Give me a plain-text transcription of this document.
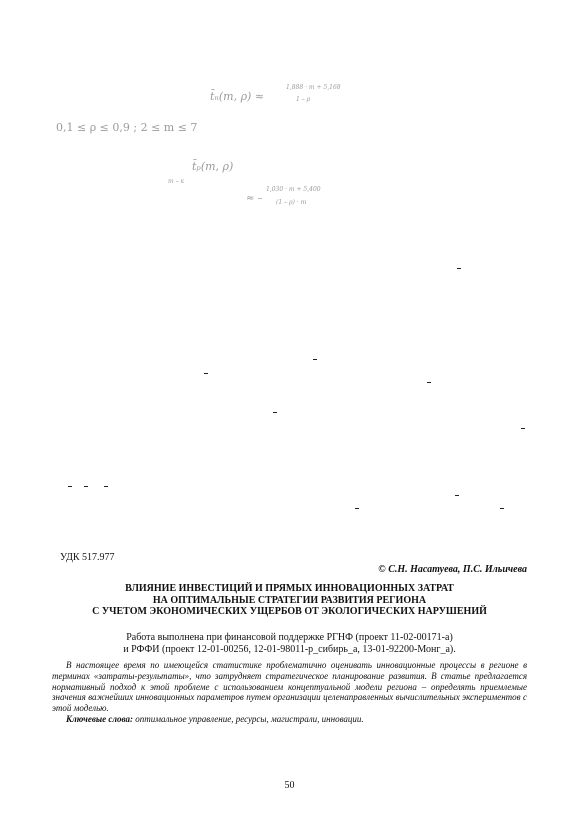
t̄ₙ(m, ρ) ≈
1,888 · m + 5,168
1 – ρ
0,1 ≤ ρ ≤ 0,9 ; 2 ≤ m ≤ 7
t̄ₚ(m, ρ)
m – к
≈ –
1,030 · m + 5,400
(1 – ρ) · m
УДК 517.977
© С.Н. Насатуева, П.С. Ильичева
ВЛИЯНИЕ ИНВЕСТИЦИЙ И ПРЯМЫХ ИННОВАЦИОННЫХ ЗАТРАТ
НА ОПТИМАЛЬНЫЕ СТРАТЕГИИ РАЗВИТИЯ РЕГИОНА
С УЧЕТОМ ЭКОНОМИЧЕСКИХ УЩЕРБОВ ОТ ЭКОЛОГИЧЕСКИХ НАРУШЕНИЙ
Работа выполнена при финансовой поддержке РГНФ (проект 11-02-00171-а)
и РФФИ (проект 12-01-00256, 12-01-98011-р_сибирь_а, 13-01-92200-Монг_а).

В настоящее время по имеющейся статистике проблематично оценивать инновационные процессы в регионе в терминах «затраты-результаты», что затрудняет стратегическое планирование развития. В статье предлагается нормативный подход к этой проблеме с использованием концептуальной модели региона – определять приемлемые значения важнейших инновационных параметров путем организации целенаправленных вычислительных экспериментов с этой моделью.

Ключевые слова: оптимальное управление, ресурсы, магистрали, инновации.

50
